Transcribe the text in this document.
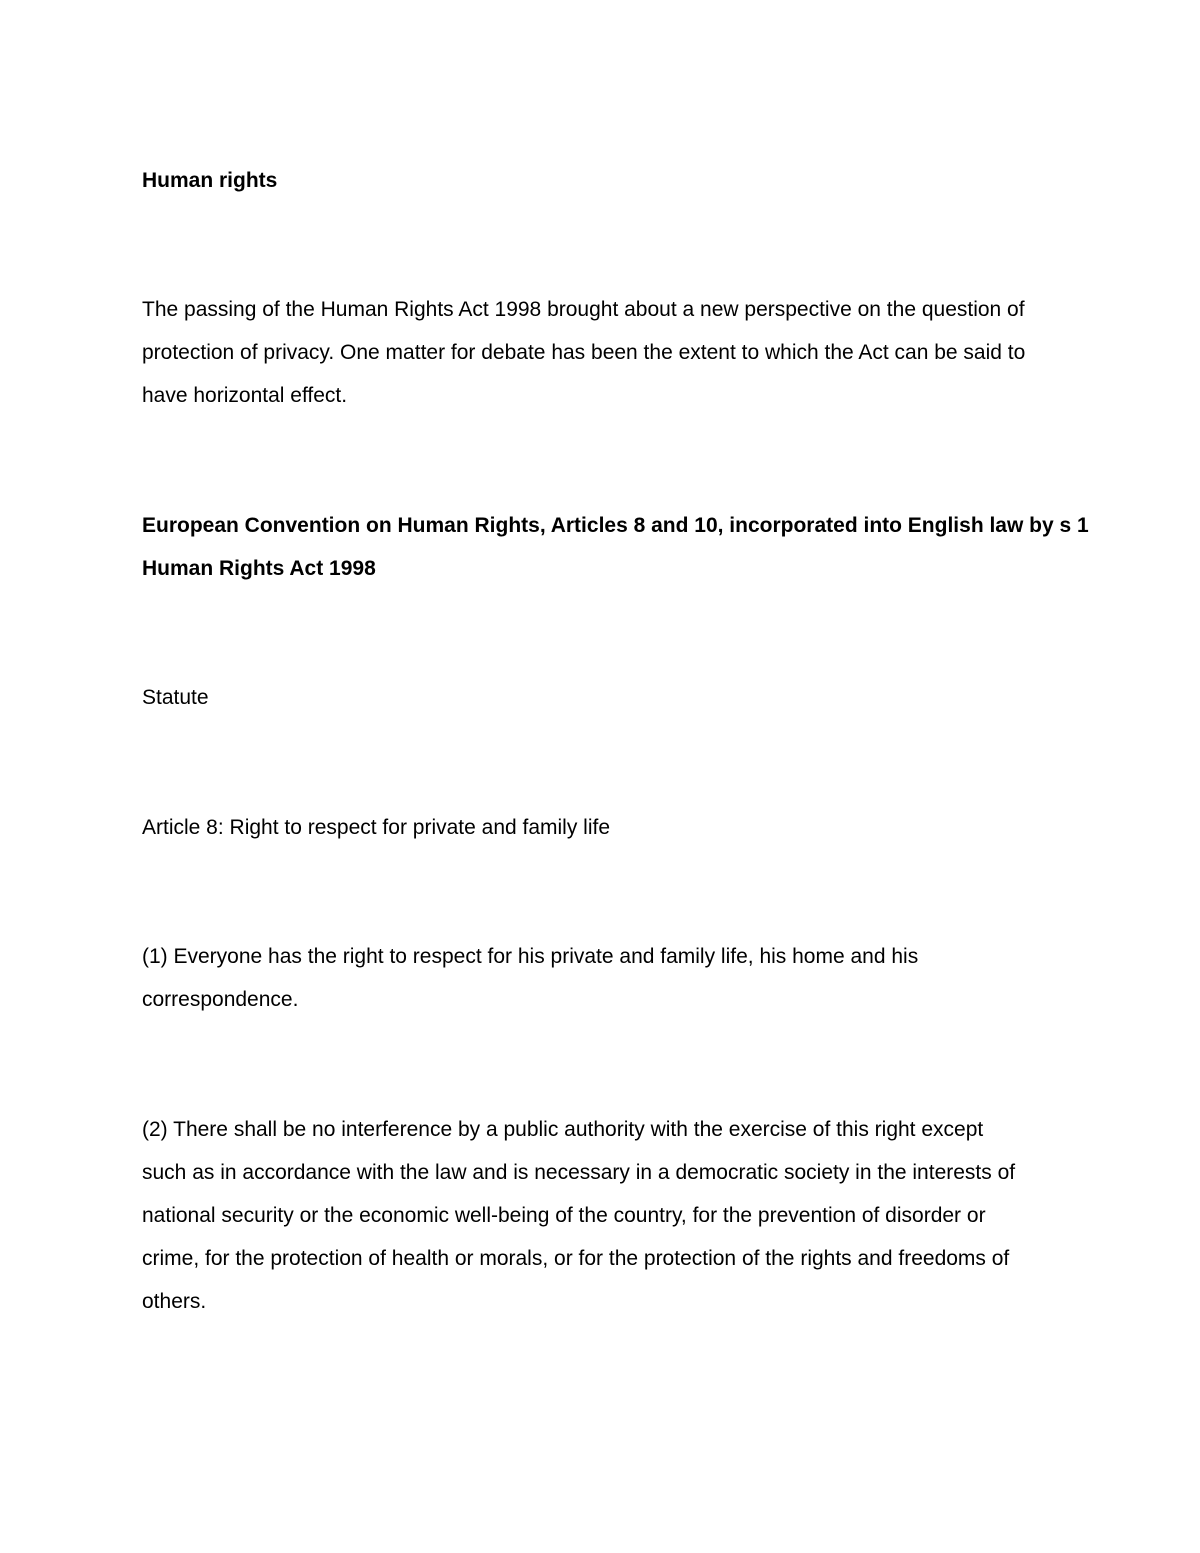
Human rights

The passing of the Human Rights Act 1998 brought about a new perspective on the question of
protection of privacy. One matter for debate has been the extent to which the Act can be said to
have horizontal effect.

European Convention on Human Rights, Articles 8 and 10, incorporated into English law by s 1
Human Rights Act 1998

Statute

Article 8: Right to respect for private and family life

(1) Everyone has the right to respect for his private and family life, his home and his
correspondence.

(2) There shall be no interference by a public authority with the exercise of this right except
such as in accordance with the law and is necessary in a democratic society in the interests of
national security or the economic well-being of the country, for the prevention of disorder or
crime, for the protection of health or morals, or for the protection of the rights and freedoms of
others.
